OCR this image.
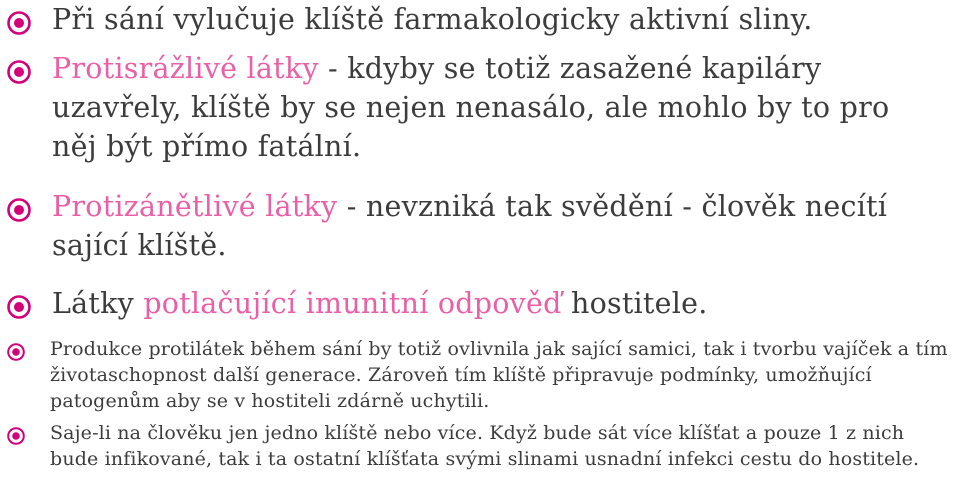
Při sání vylučuje klíště farmakologicky aktivní sliny.
Protisrážlivé látky - kdyby se totiž zasažené kapiláry uzavřely, klíště by se nejen nenasálo, ale mohlo by to pro něj být přímo fatální.
Protizánětlivé látky - nevzniká tak svědění - člověk necítí sající klíště.
Látky potlačující imunitní odpověď hostitele.
Produkce protilátek během sání by totiž ovlivnila jak sající samici, tak i tvorbu vajíček a tím životaschopnost další generace. Zároveň tím klíště připravuje podmínky, umožňující patogenům aby se v hostiteli zdárně uchytili.
Saje-li na člověku jen jedno klíště nebo více. Když bude sát více klíšťat a pouze 1 z nich bude infikované, tak i ta ostatní klíšťata svými slinami usnadní infekci cestu do hostitele.
